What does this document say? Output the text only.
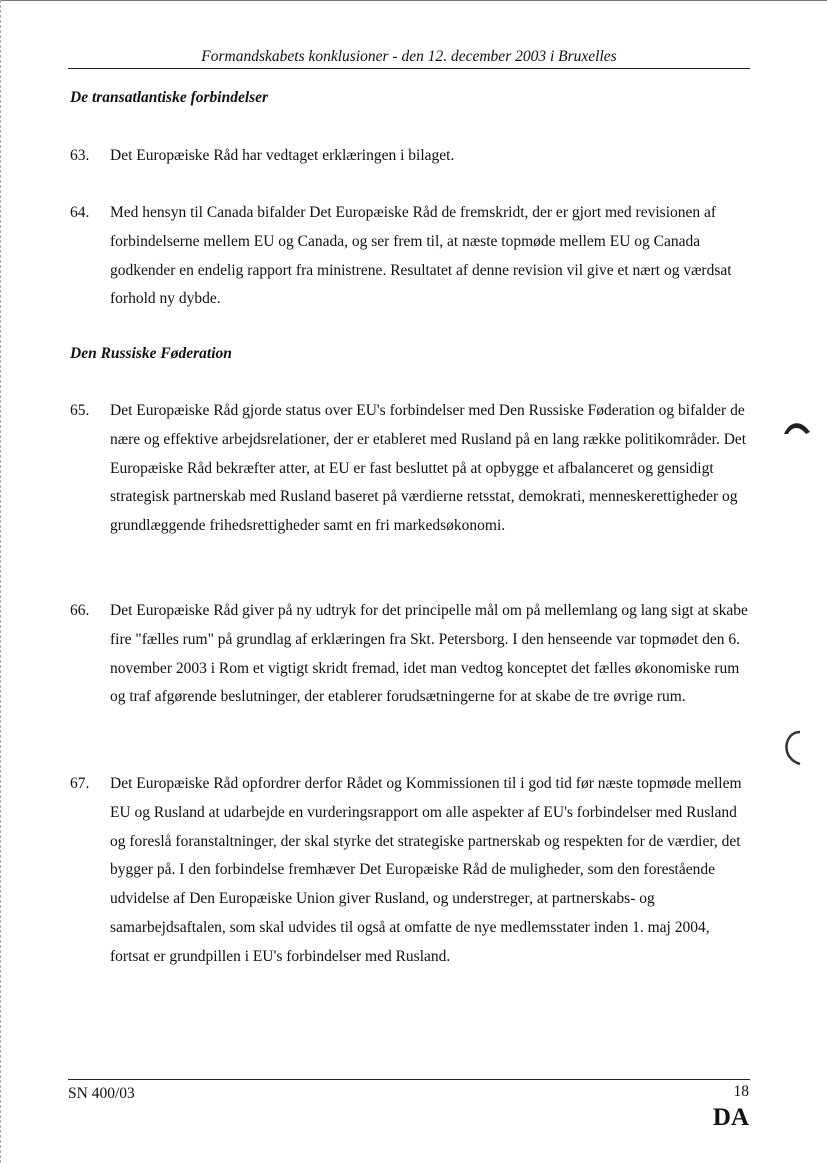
Formandskabets konklusioner - den 12. december 2003 i Bruxelles
De transatlantiske forbindelser
63. Det Europæiske Råd har vedtaget erklæringen i bilaget.
64. Med hensyn til Canada bifalder Det Europæiske Råd de fremskridt, der er gjort med revisionen af forbindelserne mellem EU og Canada, og ser frem til, at næste topmøde mellem EU og Canada godkender en endelig rapport fra ministrene. Resultatet af denne revision vil give et nært og værdsat forhold ny dybde.
Den Russiske Føderation
65. Det Europæiske Råd gjorde status over EU's forbindelser med Den Russiske Føderation og bifalder de nære og effektive arbejdsrelationer, der er etableret med Rusland på en lang række politikområder. Det Europæiske Råd bekræfter atter, at EU er fast besluttet på at opbygge et afbalanceret og gensidigt strategisk partnerskab med Rusland baseret på værdierne retsstat, demokrati, menneskerettigheder og grundlæggende frihedsrettigheder samt en fri markedsøkonomi.
66. Det Europæiske Råd giver på ny udtryk for det principelle mål om på mellemlang og lang sigt at skabe fire "fælles rum" på grundlag af erklæringen fra Skt. Petersborg. I den henseende var topmødet den 6. november 2003 i Rom et vigtigt skridt fremad, idet man vedtog konceptet det fælles økonomiske rum og traf afgørende beslutninger, der etablerer forudsætningerne for at skabe de tre øvrige rum.
67. Det Europæiske Råd opfordrer derfor Rådet og Kommissionen til i god tid før næste topmøde mellem EU og Rusland at udarbejde en vurderingsrapport om alle aspekter af EU's forbindelser med Rusland og foreslå foranstaltninger, der skal styrke det strategiske partnerskab og respekten for de værdier, det bygger på. I den forbindelse fremhæver Det Europæiske Råd de muligheder, som den forestående udvidelse af Den Europæiske Union giver Rusland, og understreger, at partnerskabs- og samarbejdsaftalen, som skal udvides til også at omfatte de nye medlemsstater inden 1. maj 2004, fortsat er grundpillen i EU's forbindelser med Rusland.
SN 400/03	18
DA
